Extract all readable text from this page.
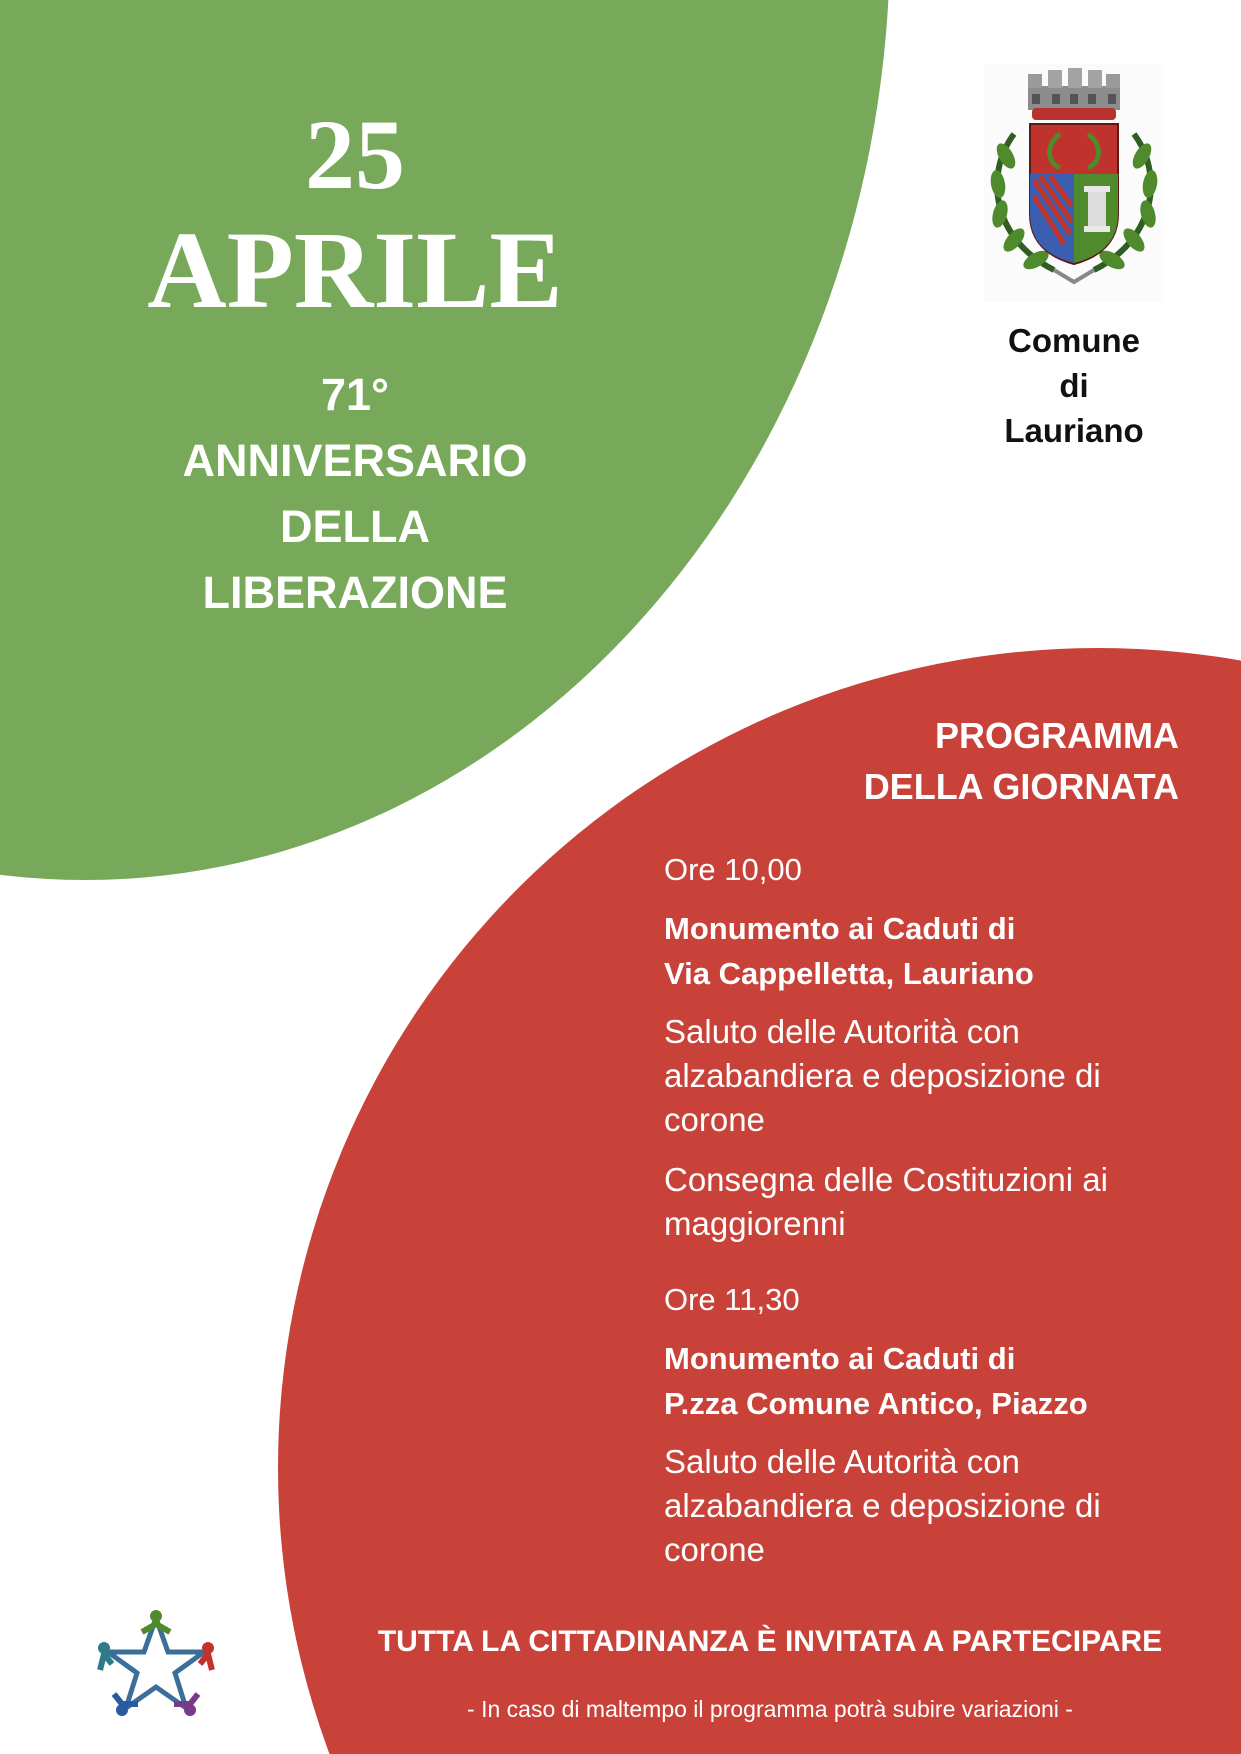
25
APRILE
71°
ANNIVERSARIO
DELLA
LIBERAZIONE
Comune
di
Lauriano
PROGRAMMA
DELLA GIORNATA
Ore 10,00
Monumento ai Caduti di
Via Cappelletta, Lauriano
Saluto delle Autorità con alzabandiera e deposizione di corone
Consegna delle Costituzioni ai maggiorenni
Ore 11,30
Monumento ai Caduti di
P.zza Comune Antico, Piazzo
Saluto delle Autorità con alzabandiera e deposizione di corone
TUTTA LA CITTADINANZA È INVITATA A PARTECIPARE
- In caso di maltempo il programma potrà subire variazioni -
